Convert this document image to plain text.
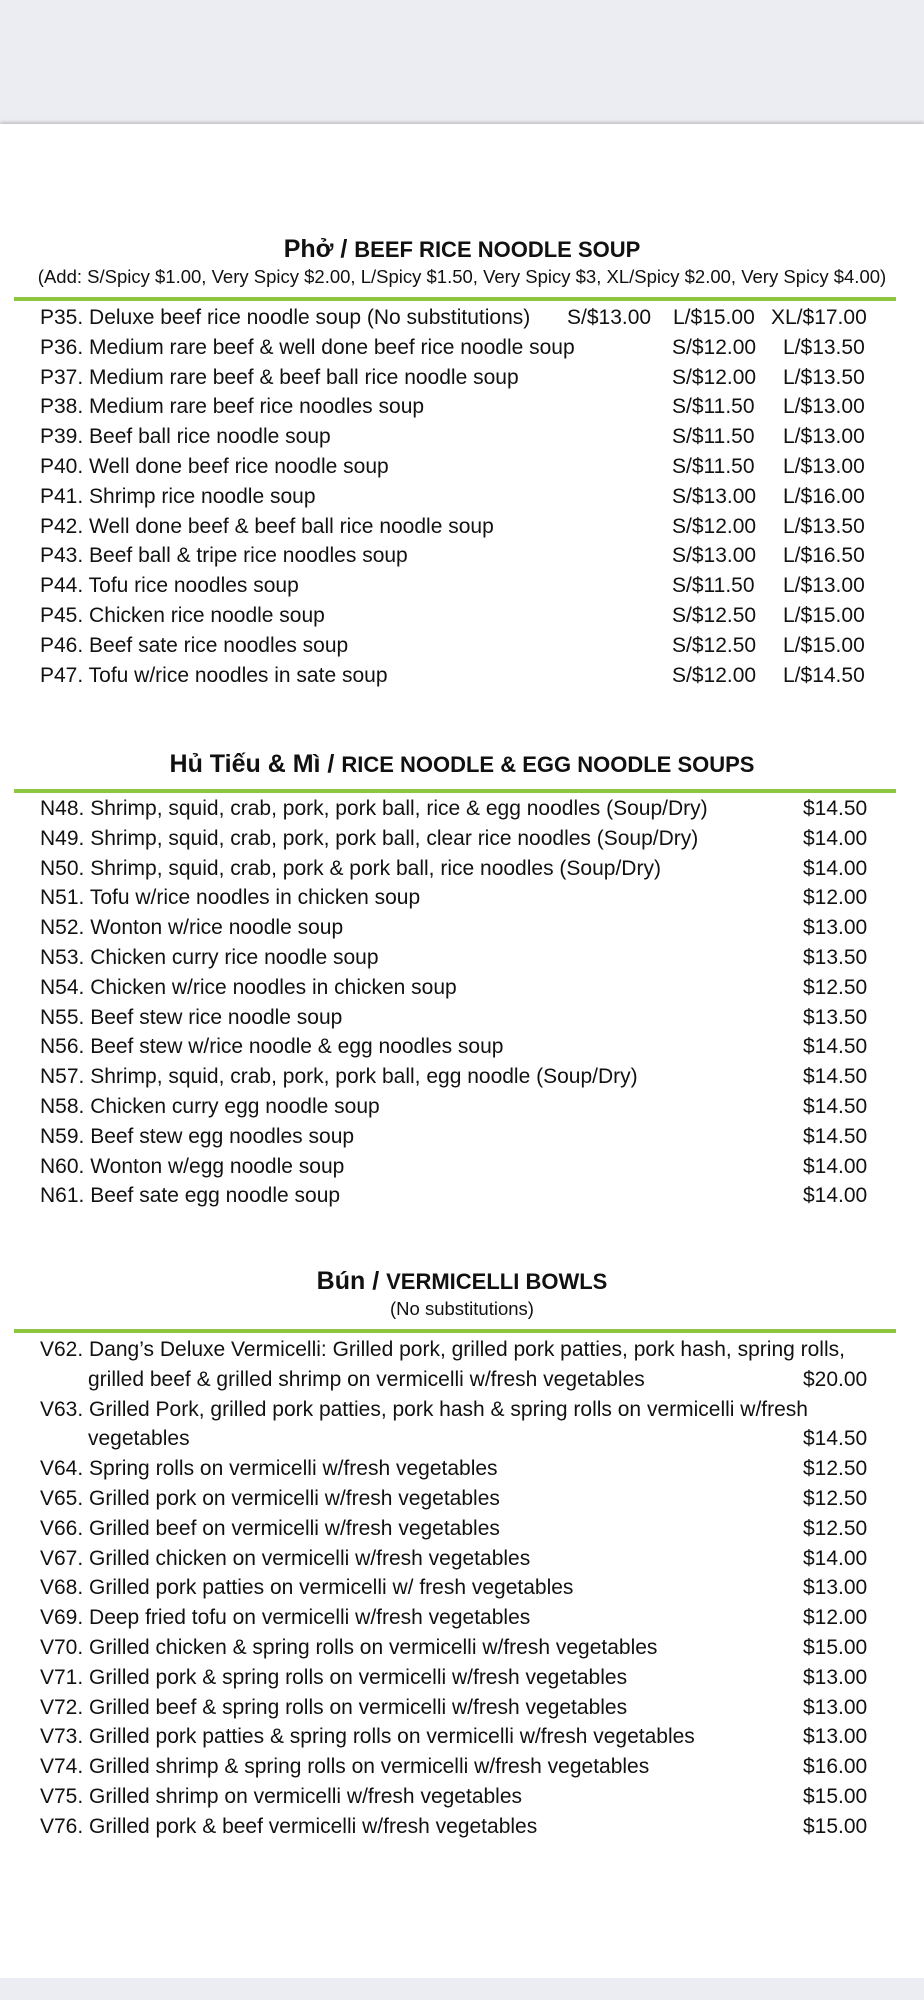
Phở / BEEF RICE NOODLE SOUP
(Add: S/Spicy $1.00, Very Spicy $2.00, L/Spicy $1.50, Very Spicy $3, XL/Spicy $2.00, Very Spicy $4.00)
P35. Deluxe beef rice noodle soup (No substitutions) S/$13.00 L/$15.00 XL/$17.00
P36. Medium rare beef & well done beef rice noodle soup	S/$12.00 L/$13.50
P37. Medium rare beef & beef ball rice noodle soup	S/$12.00 L/$13.50
P38. Medium rare beef rice noodles soup	S/$11.50 L/$13.00
P39. Beef ball rice noodle soup	S/$11.50 L/$13.00
P40. Well done beef rice noodle soup	S/$11.50 L/$13.00
P41. Shrimp rice noodle soup	S/$13.00 L/$16.00
P42. Well done beef & beef ball rice noodle soup	S/$12.00 L/$13.50
P43. Beef ball & tripe rice noodles soup	S/$13.00 L/$16.50
P44. Tofu rice noodles soup	S/$11.50 L/$13.00
P45. Chicken rice noodle soup	S/$12.50 L/$15.00
P46. Beef sate rice noodles soup	S/$12.50 L/$15.00
P47. Tofu w/rice noodles in sate soup	S/$12.00 L/$14.50
Hủ Tiếu & Mì / RICE NOODLE & EGG NOODLE SOUPS
N48. Shrimp, squid, crab, pork, pork ball, rice & egg noodles (Soup/Dry)	$14.50
N49. Shrimp, squid, crab, pork, pork ball, clear rice noodles (Soup/Dry)	$14.00
N50. Shrimp, squid, crab, pork & pork ball, rice noodles (Soup/Dry)	$14.00
N51. Tofu w/rice noodles in chicken soup	$12.00
N52. Wonton w/rice noodle soup	$13.00
N53. Chicken curry rice noodle soup	$13.50
N54. Chicken w/rice noodles in chicken soup	$12.50
N55. Beef stew rice noodle soup	$13.50
N56. Beef stew w/rice noodle & egg noodles soup	$14.50
N57. Shrimp, squid, crab, pork, pork ball, egg noodle (Soup/Dry)	$14.50
N58. Chicken curry egg noodle soup	$14.50
N59. Beef stew egg noodles soup	$14.50
N60. Wonton w/egg noodle soup	$14.00
N61. Beef sate egg noodle soup	$14.00
Bún / VERMICELLI BOWLS
(No substitutions)
V62. Dang’s Deluxe Vermicelli: Grilled pork, grilled pork patties, pork hash, spring rolls, grilled beef & grilled shrimp on vermicelli w/fresh vegetables	$20.00
V63. Grilled Pork, grilled pork patties, pork hash & spring rolls on vermicelli w/fresh vegetables	$14.50
V64. Spring rolls on vermicelli w/fresh vegetables	$12.50
V65. Grilled pork on vermicelli w/fresh vegetables	$12.50
V66. Grilled beef on vermicelli w/fresh vegetables	$12.50
V67. Grilled chicken on vermicelli w/fresh vegetables	$14.00
V68. Grilled pork patties on vermicelli w/ fresh vegetables	$13.00
V69. Deep fried tofu on vermicelli w/fresh vegetables	$12.00
V70. Grilled chicken & spring rolls on vermicelli w/fresh vegetables	$15.00
V71. Grilled pork & spring rolls on vermicelli w/fresh vegetables	$13.00
V72. Grilled beef & spring rolls on vermicelli w/fresh vegetables	$13.00
V73. Grilled pork patties & spring rolls on vermicelli w/fresh vegetables	$13.00
V74. Grilled shrimp & spring rolls on vermicelli w/fresh vegetables	$16.00
V75. Grilled shrimp on vermicelli w/fresh vegetables	$15.00
V76. Grilled pork & beef vermicelli w/fresh vegetables	$15.00
